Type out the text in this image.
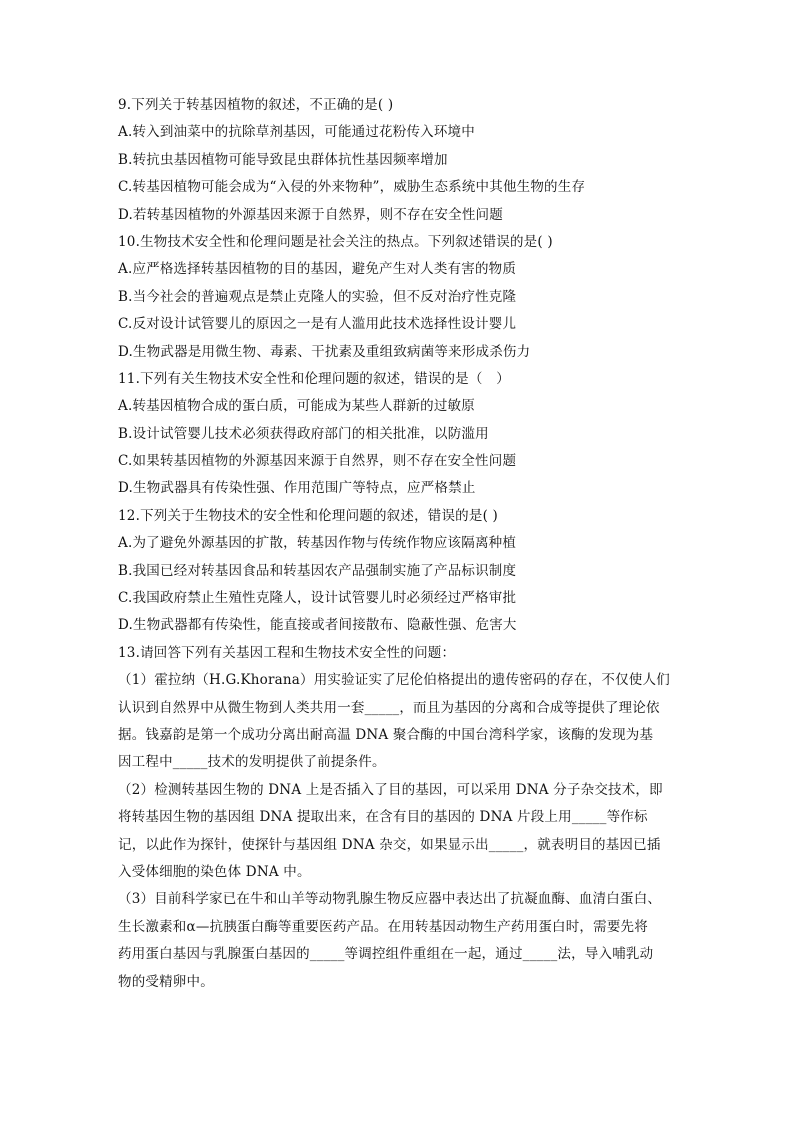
9.下列关于转基因植物的叙述，不正确的是( )
A.转入到油菜中的抗除草剂基因，可能通过花粉传入环境中
B.转抗虫基因植物可能导致昆虫群体抗性基因频率增加
C.转基因植物可能会成为“入侵的外来物种”，威胁生态系统中其他生物的生存
D.若转基因植物的外源基因来源于自然界，则不存在安全性问题
10.生物技术安全性和伦理问题是社会关注的热点。下列叙述错误的是( )
A.应严格选择转基因植物的目的基因，避免产生对人类有害的物质
B.当今社会的普遍观点是禁止克隆人的实验，但不反对治疗性克隆
C.反对设计试管婴儿的原因之一是有人滥用此技术选择性设计婴儿
D.生物武器是用微生物、毒素、干扰素及重组致病菌等来形成杀伤力
11.下列有关生物技术安全性和伦理问题的叙述，错误的是（　）
A.转基因植物合成的蛋白质，可能成为某些人群新的过敏原
B.设计试管婴儿技术必须获得政府部门的相关批准，以防滥用
C.如果转基因植物的外源基因来源于自然界，则不存在安全性问题
D.生物武器具有传染性强、作用范围广等特点，应严格禁止
12.下列关于生物技术的安全性和伦理问题的叙述，错误的是( )
A.为了避免外源基因的扩散，转基因作物与传统作物应该隔离种植
B.我国已经对转基因食品和转基因农产品强制实施了产品标识制度
C.我国政府禁止生殖性克隆人，设计试管婴儿时必须经过严格审批
D.生物武器都有传染性，能直接或者间接散布、隐蔽性强、危害大
13.请回答下列有关基因工程和生物技术安全性的问题：
（1）霍拉纳（H.G.Khorana）用实验证实了尼伦伯格提出的遗传密码的存在，不仅使人们
认识到自然界中从微生物到人类共用一套_____，而且为基因的分离和合成等提供了理论依
据。钱嘉韵是第一个成功分离出耐高温 DNA 聚合酶的中国台湾科学家，该酶的发现为基
因工程中_____技术的发明提供了前提条件。
（2）检测转基因生物的 DNA 上是否插入了目的基因，可以采用 DNA 分子杂交技术，即
将转基因生物的基因组 DNA 提取出来，在含有目的基因的 DNA 片段上用_____等作标
记，以此作为探针，使探针与基因组 DNA 杂交，如果显示出_____，就表明目的基因已插
入受体细胞的染色体 DNA 中。
（3）目前科学家已在牛和山羊等动物乳腺生物反应器中表达出了抗凝血酶、血清白蛋白、
生长激素和α—抗胰蛋白酶等重要医药产品。在用转基因动物生产药用蛋白时，需要先将
药用蛋白基因与乳腺蛋白基因的_____等调控组件重组在一起，通过_____法，导入哺乳动
物的受精卵中。
